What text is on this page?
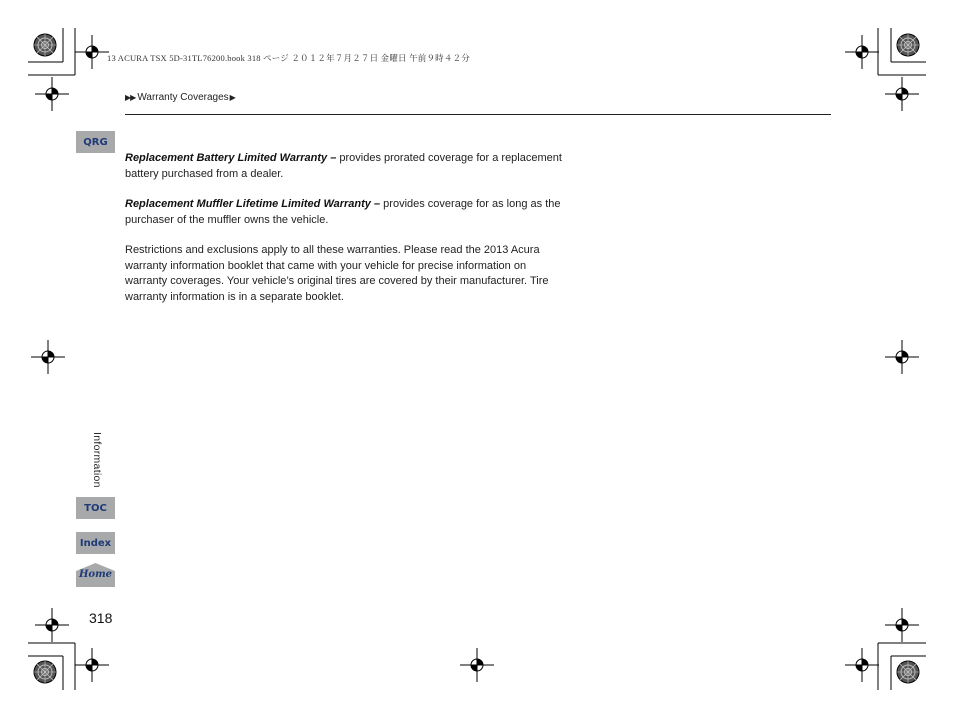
13 ACURA TSX 5D-31TL76200.book 318 ページ ２０１２年７月２７日 金曜日 午前９時４２分
▶▶ Warranty Coverages▶
QRG

Replacement Battery Limited Warranty – provides prorated coverage for a replacement battery purchased from a dealer.

Replacement Muffler Lifetime Limited Warranty – provides coverage for as long as the purchaser of the muffler owns the vehicle.

Restrictions and exclusions apply to all these warranties. Please read the 2013 Acura warranty information booklet that came with your vehicle for precise information on warranty coverages. Your vehicle’s original tires are covered by their manufacturer. Tire warranty information is in a separate booklet.

Information
TOC
Index
Home
318
